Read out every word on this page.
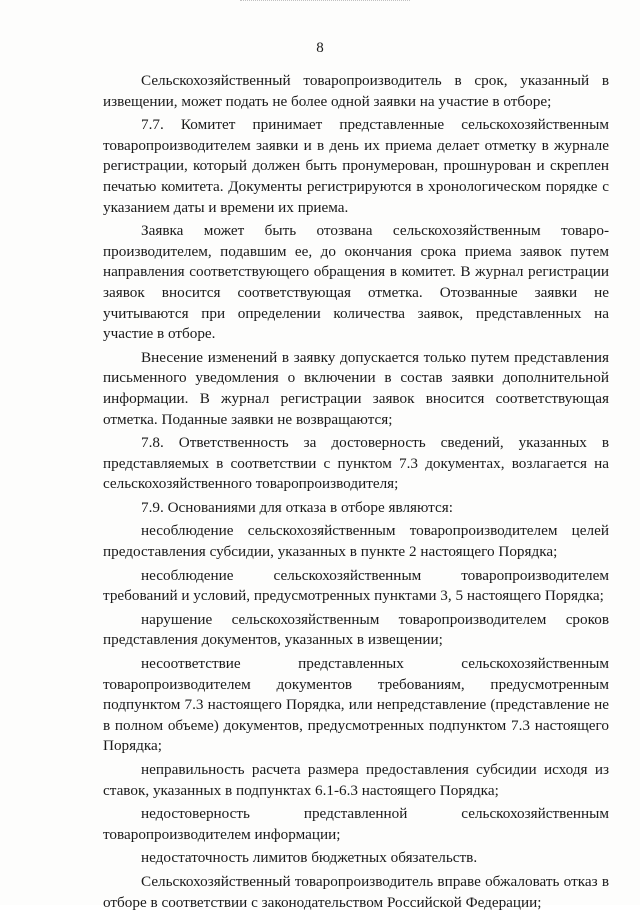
8

Сельскохозяйственный товаропроизводитель в срок, указанный в извещении, может подать не более одной заявки на участие в отборе;

7.7. Комитет принимает представленные сельскохозяйственным товаропроизводителем заявки и в день их приема делает отметку в журнале регистрации, который должен быть пронумерован, прошнурован и скреплен печатью комитета. Документы регистрируются в хронологическом порядке с указанием даты и времени их приема.

Заявка может быть отозвана сельскохозяйственным товаро-производителем, подавшим ее, до окончания срока приема заявок путем направления соответствующего обращения в комитет. В журнал регистрации заявок вносится соответствующая отметка. Отозванные заявки не учитываются при определении количества заявок, представленных на участие в отборе.

Внесение изменений в заявку допускается только путем представления письменного уведомления о включении в состав заявки дополнительной информации. В журнал регистрации заявок вносится соответствующая отметка. Поданные заявки не возвращаются;

7.8. Ответственность за достоверность сведений, указанных в представляемых в соответствии с пунктом 7.3 документах, возлагается на сельскохозяйственного товаропроизводителя;

7.9. Основаниями для отказа в отборе являются:

несоблюдение сельскохозяйственным товаропроизводителем целей предоставления субсидии, указанных в пункте 2 настоящего Порядка;

несоблюдение сельскохозяйственным товаропроизводителем требований и условий, предусмотренных пунктами 3, 5 настоящего Порядка;

нарушение сельскохозяйственным товаропроизводителем сроков представления документов, указанных в извещении;

несоответствие представленных сельскохозяйственным товаропроизводителем документов требованиям, предусмотренным подпунктом 7.3 настоящего Порядка, или непредставление (представление не в полном объеме) документов, предусмотренных подпунктом 7.3 настоящего Порядка;

неправильность расчета размера предоставления субсидии исходя из ставок, указанных в подпунктах 6.1-6.3 настоящего Порядка;

недостоверность представленной сельскохозяйственным товаропроизводителем информации;

недостаточность лимитов бюджетных обязательств.

Сельскохозяйственный товаропроизводитель вправе обжаловать отказ в отборе в соответствии с законодательством Российской Федерации;
